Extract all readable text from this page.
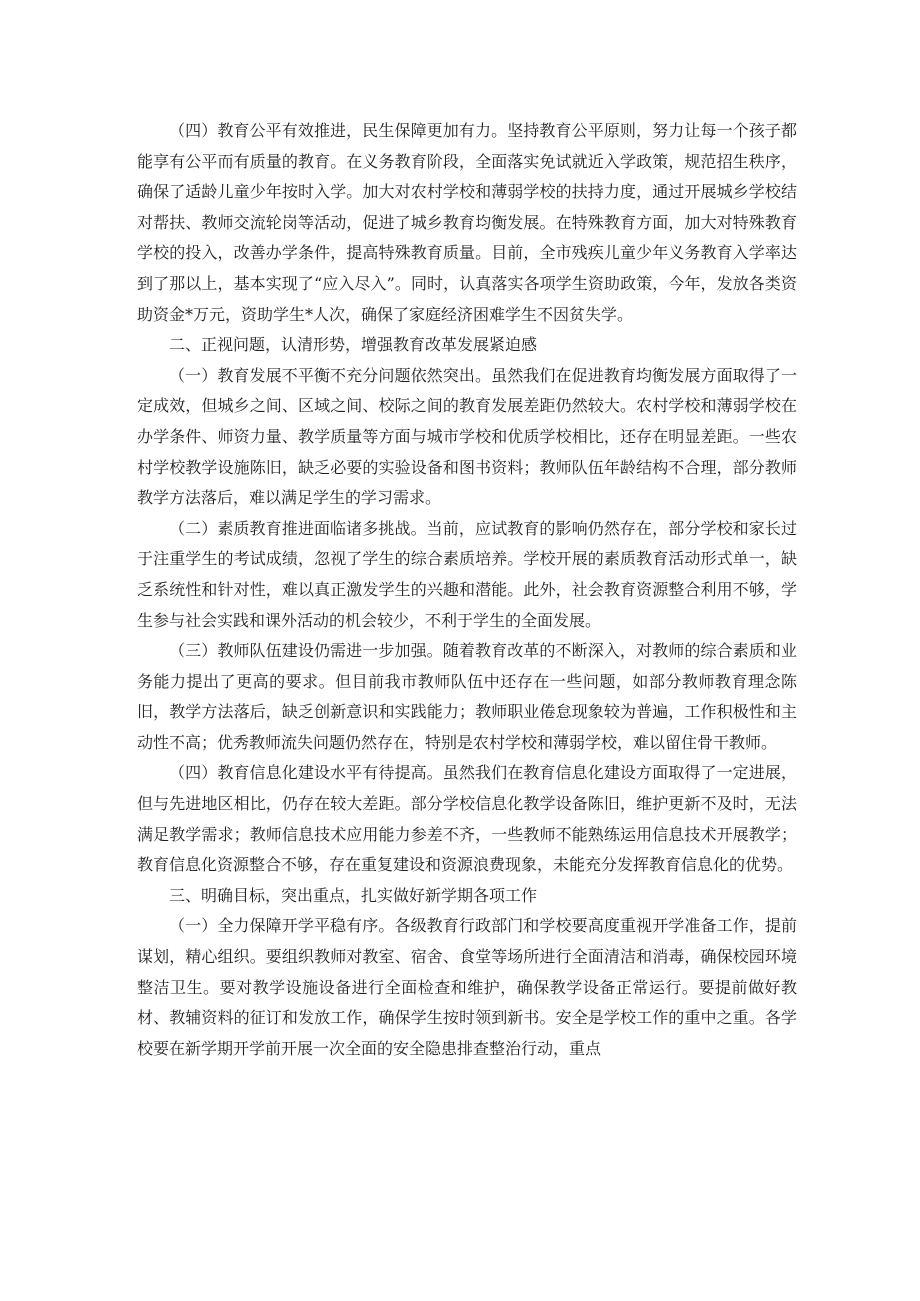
（四）教育公平有效推进，民生保障更加有力。坚持教育公平原则，努力让每一个孩子都能享有公平而有质量的教育。在义务教育阶段，全面落实免试就近入学政策，规范招生秩序，确保了适龄儿童少年按时入学。加大对农村学校和薄弱学校的扶持力度，通过开展城乡学校结对帮扶、教师交流轮岗等活动，促进了城乡教育均衡发展。在特殊教育方面，加大对特殊教育学校的投入，改善办学条件，提高特殊教育质量。目前，全市残疾儿童少年义务教育入学率达到了那以上，基本实现了“应入尽入”。同时，认真落实各项学生资助政策，今年，发放各类资助资金*万元，资助学生*人次，确保了家庭经济困难学生不因贫失学。

二、正视问题，认清形势，增强教育改革发展紧迫感

（一）教育发展不平衡不充分问题依然突出。虽然我们在促进教育均衡发展方面取得了一定成效，但城乡之间、区域之间、校际之间的教育发展差距仍然较大。农村学校和薄弱学校在办学条件、师资力量、教学质量等方面与城市学校和优质学校相比，还存在明显差距。一些农村学校教学设施陈旧，缺乏必要的实验设备和图书资料；教师队伍年龄结构不合理，部分教师教学方法落后，难以满足学生的学习需求。

（二）素质教育推进面临诸多挑战。当前，应试教育的影响仍然存在，部分学校和家长过于注重学生的考试成绩，忽视了学生的综合素质培养。学校开展的素质教育活动形式单一，缺乏系统性和针对性，难以真正激发学生的兴趣和潜能。此外，社会教育资源整合利用不够，学生参与社会实践和课外活动的机会较少，不利于学生的全面发展。

（三）教师队伍建设仍需进一步加强。随着教育改革的不断深入，对教师的综合素质和业务能力提出了更高的要求。但目前我市教师队伍中还存在一些问题，如部分教师教育理念陈旧，教学方法落后，缺乏创新意识和实践能力；教师职业倦怠现象较为普遍，工作积极性和主动性不高；优秀教师流失问题仍然存在，特别是农村学校和薄弱学校，难以留住骨干教师。

（四）教育信息化建设水平有待提高。虽然我们在教育信息化建设方面取得了一定进展，但与先进地区相比，仍存在较大差距。部分学校信息化教学设备陈旧，维护更新不及时，无法满足教学需求；教师信息技术应用能力参差不齐，一些教师不能熟练运用信息技术开展教学；教育信息化资源整合不够，存在重复建设和资源浪费现象，未能充分发挥教育信息化的优势。

三、明确目标，突出重点，扎实做好新学期各项工作

（一）全力保障开学平稳有序。各级教育行政部门和学校要高度重视开学准备工作，提前谋划，精心组织。要组织教师对教室、宿舍、食堂等场所进行全面清洁和消毒，确保校园环境整洁卫生。要对教学设施设备进行全面检查和维护，确保教学设备正常运行。要提前做好教材、教辅资料的征订和发放工作，确保学生按时领到新书。安全是学校工作的重中之重。各学校要在新学期开学前开展一次全面的安全隐患排查整治行动，重点
